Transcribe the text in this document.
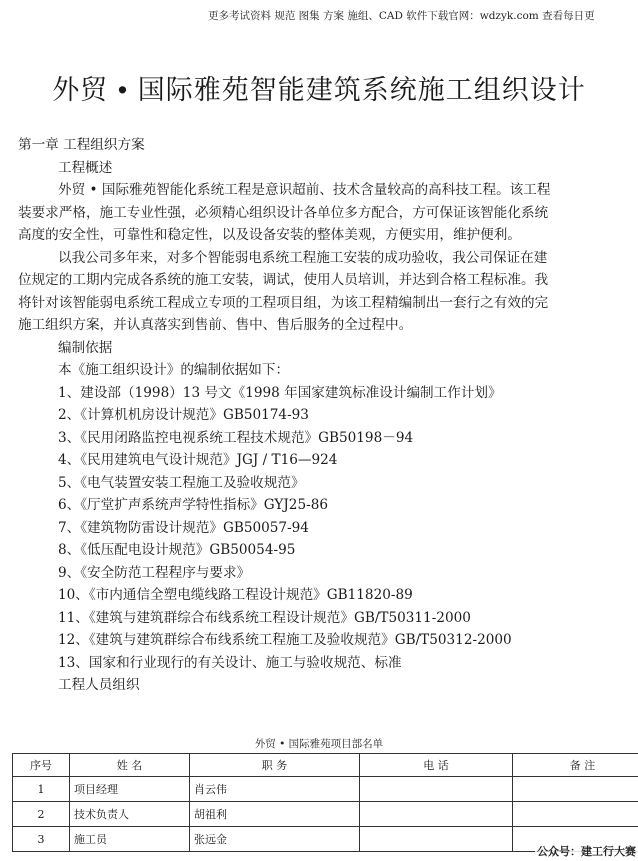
更多考试资料 规范 图集 方案 施组、CAD 软件下载官网：wdzyk.com 查看每日更
外贸 • 国际雅苑智能建筑系统施工组织设计
第一章 工程组织方案
工程概述
外贸 • 国际雅苑智能化系统工程是意识超前、技术含量较高的高科技工程。该工程
装要求严格，施工专业性强，必须精心组织设计各单位多方配合，方可保证该智能化系统
高度的安全性，可靠性和稳定性，以及设备安装的整体美观，方便实用，维护便利。
以我公司多年来，对多个智能弱电系统工程施工安装的成功验收，我公司保证在建
位规定的工期内完成各系统的施工安装，调试，使用人员培训，并达到合格工程标准。我
将针对该智能弱电系统工程成立专项的工程项目组，为该工程精编制出一套行之有效的完
施工组织方案，并认真落实到售前、售中、售后服务的全过程中。
编制依据
本《施工组织设计》的编制依据如下：
1、建设部（1998）13 号文《1998 年国家建筑标准设计编制工作计划》
2、《计算机机房设计规范》GB50174-93
3、《民用闭路监控电视系统工程技术规范》GB50198－94
4、《民用建筑电气设计规范》JGJ / T16—924
5、《电气装置安装工程施工及验收规范》
6、《厅堂扩声系统声学特性指标》GYJ25-86
7、《建筑物防雷设计规范》GB50057-94
8、《低压配电设计规范》GB50054-95
9、《安全防范工程程序与要求》
10、《市内通信全塑电缆线路工程设计规范》GB11820-89
11、《建筑与建筑群综合布线系统工程设计规范》GB/T50311-2000
12、《建筑与建筑群综合布线系统工程施工及验收规范》GB/T50312-2000
13、国家和行业现行的有关设计、施工与验收规范、标准
工程人员组织
外贸 • 国际雅苑项目部名单
序号	姓 名	职 务	电 话	备 注
1	项目经理	肖云伟		
2	技术负责人	胡祖利		
3	施工员	张远金		
公众号：建工行大赛
